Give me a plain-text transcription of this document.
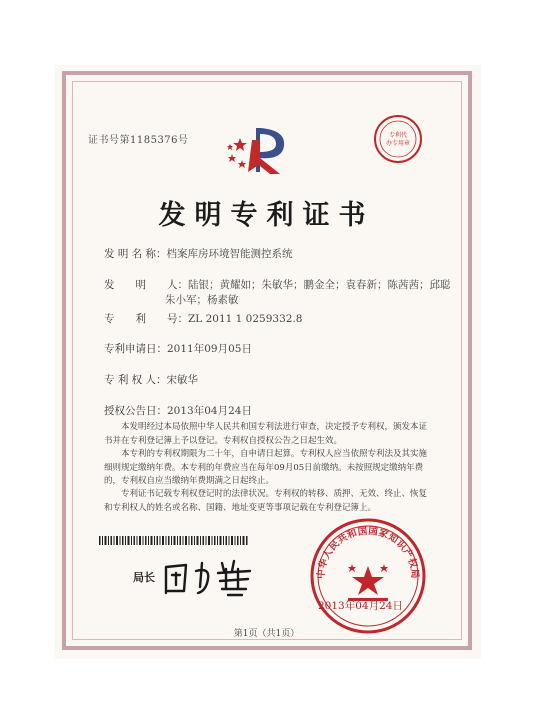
证书号第1185376号	专利代
办专用章
发明专利证书
发 明 名 称：档案库房环境智能测控系统
发　　明　　人：陆银；黄耀如；朱敏华；鹏金全；袁春新；陈茜茜；邱聪
朱小军；杨素敏
专　　利　　号：ZL 2011 1 0259332.8
专利申请日：2011年09月05日
专 利 权 人：宋敏华
授权公告日：2013年04月24日
本发明经过本局依照中华人民共和国专利法进行审查，决定授予专利权，颁发本证书并在专利登记簿上予以登记。专利权自授权公告之日起生效。
本专利的专利权期限为二十年，自申请日起算。专利权人应当依照专利法及其实施细则规定缴纳年费。本专利的年费应当在每年09月05日前缴纳。未按照规定缴纳年费的，专利权自应当缴纳年费期满之日起终止。
专利证书记载专利权登记时的法律状况。专利权的转移、质押、无效、终止、恢复和专利权人的姓名或名称、国籍、地址变更等事项记载在专利登记簿上。
局长	中华人民共和国国家知识产权局
2013年04月24日
第1页（共1页）
